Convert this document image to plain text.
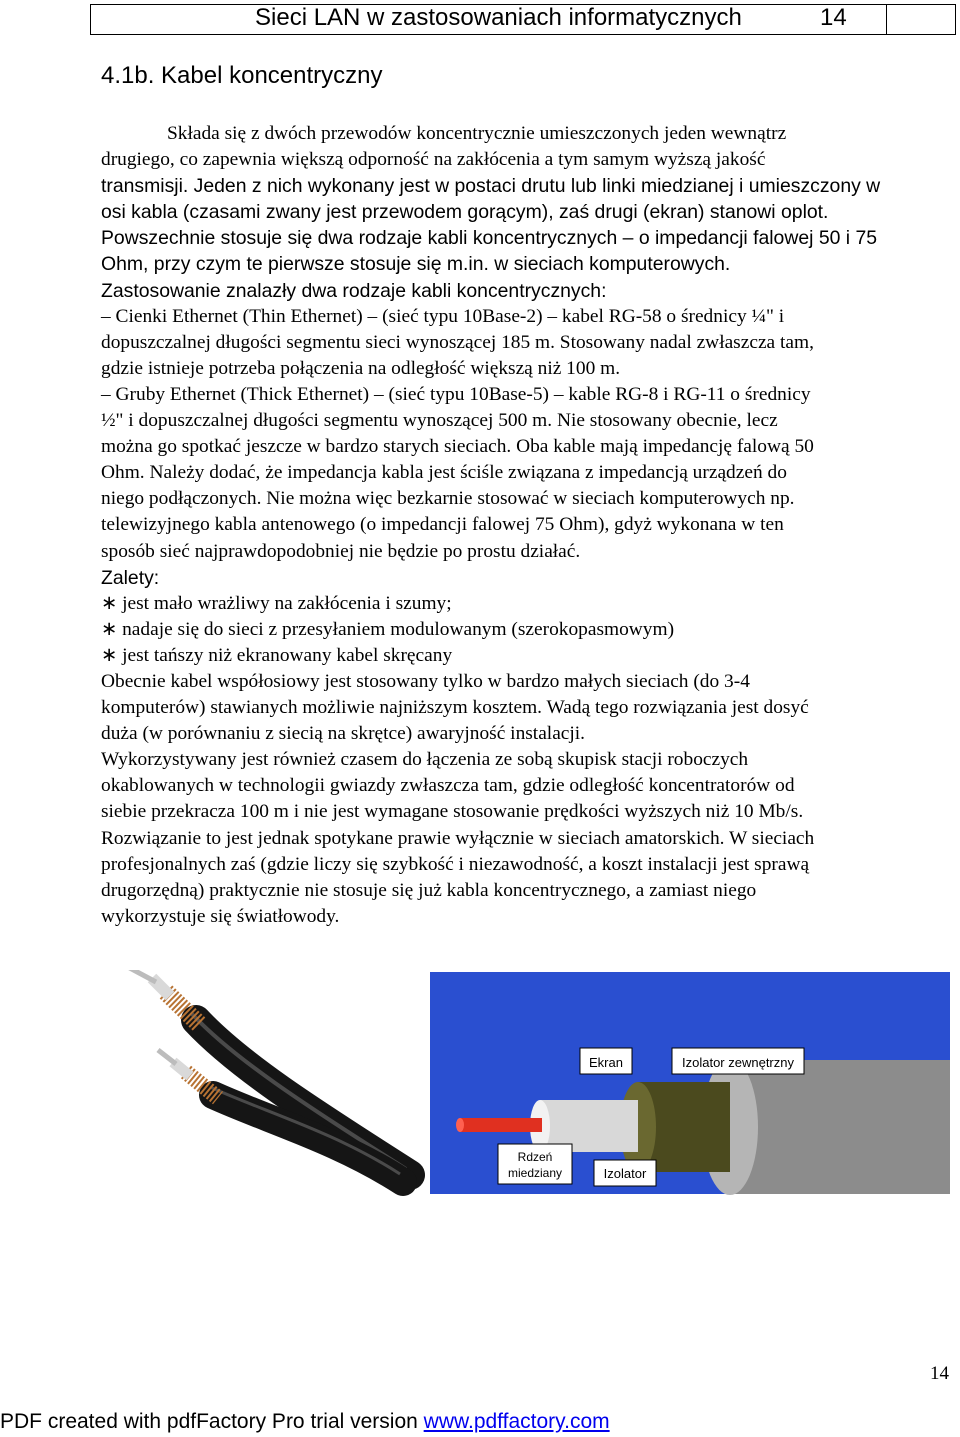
Sieci LAN w zastosowaniach informatycznych	14
4.1b. Kabel koncentryczny
Składa się z dwóch przewodów koncentrycznie umieszczonych jeden wewnątrz
drugiego, co zapewnia większą odporność na zakłócenia a tym samym wyższą jakość
transmisji. Jeden z nich wykonany jest w postaci drutu lub linki miedzianej i umieszczony w
osi kabla (czasami zwany jest przewodem gorącym), zaś drugi (ekran) stanowi oplot.
Powszechnie stosuje się dwa rodzaje kabli koncentrycznych – o impedancji falowej 50 i 75
Ohm, przy czym te pierwsze stosuje się m.in. w sieciach komputerowych.
Zastosowanie znalazły dwa rodzaje kabli koncentrycznych:
– Cienki Ethernet (Thin Ethernet) – (sieć typu 10Base-2) – kabel RG-58 o średnicy ¼" i
dopuszczalnej długości segmentu sieci wynoszącej 185 m. Stosowany nadal zwłaszcza tam,
gdzie istnieje potrzeba połączenia na odległość większą niż 100 m.
– Gruby Ethernet (Thick Ethernet) – (sieć typu 10Base-5) – kable RG-8 i RG-11 o średnicy
½" i dopuszczalnej długości segmentu wynoszącej 500 m. Nie stosowany obecnie, lecz
można go spotkać jeszcze w bardzo starych sieciach. Oba kable mają impedancję falową 50
Ohm. Należy dodać, że impedancja kabla jest ściśle związana z impedancją urządzeń do
niego podłączonych. Nie można więc bezkarnie stosować w sieciach komputerowych np.
telewizyjnego kabla antenowego (o impedancji falowej 75 Ohm), gdyż wykonana w ten
sposób sieć najprawdopodobniej nie będzie po prostu działać.
Zalety:
∗ jest mało wrażliwy na zakłócenia i szumy;
∗ nadaje się do sieci z przesyłaniem modulowanym (szerokopasmowym)
∗ jest tańszy niż ekranowany kabel skręcany
Obecnie kabel współosiowy jest stosowany tylko w bardzo małych sieciach (do 3-4
komputerów) stawianych możliwie najniższym kosztem. Wadą tego rozwiązania jest dosyć
duża (w porównaniu z siecią na skrętce) awaryjność instalacji.
Wykorzystywany jest również czasem do łączenia ze sobą skupisk stacji roboczych
okablowanych w technologii gwiazdy zwłaszcza tam, gdzie odległość koncentratorów od
siebie przekracza 100 m i nie jest wymagane stosowanie prędkości wyższych niż 10 Mb/s.
Rozwiązanie to jest jednak spotykane prawie wyłącznie w sieciach amatorskich. W sieciach
profesjonalnych zaś (gdzie liczy się szybkość i niezawodność, a koszt instalacji jest sprawą
drugorzędną) praktycznie nie stosuje się już kabla koncentrycznego, a zamiast niego
wykorzystuje się światłowody.
Ekran	Izolator zewnętrzny
Rdzeń
miedziany	Izolator
14
PDF created with pdfFactory Pro trial version www.pdffactory.com
